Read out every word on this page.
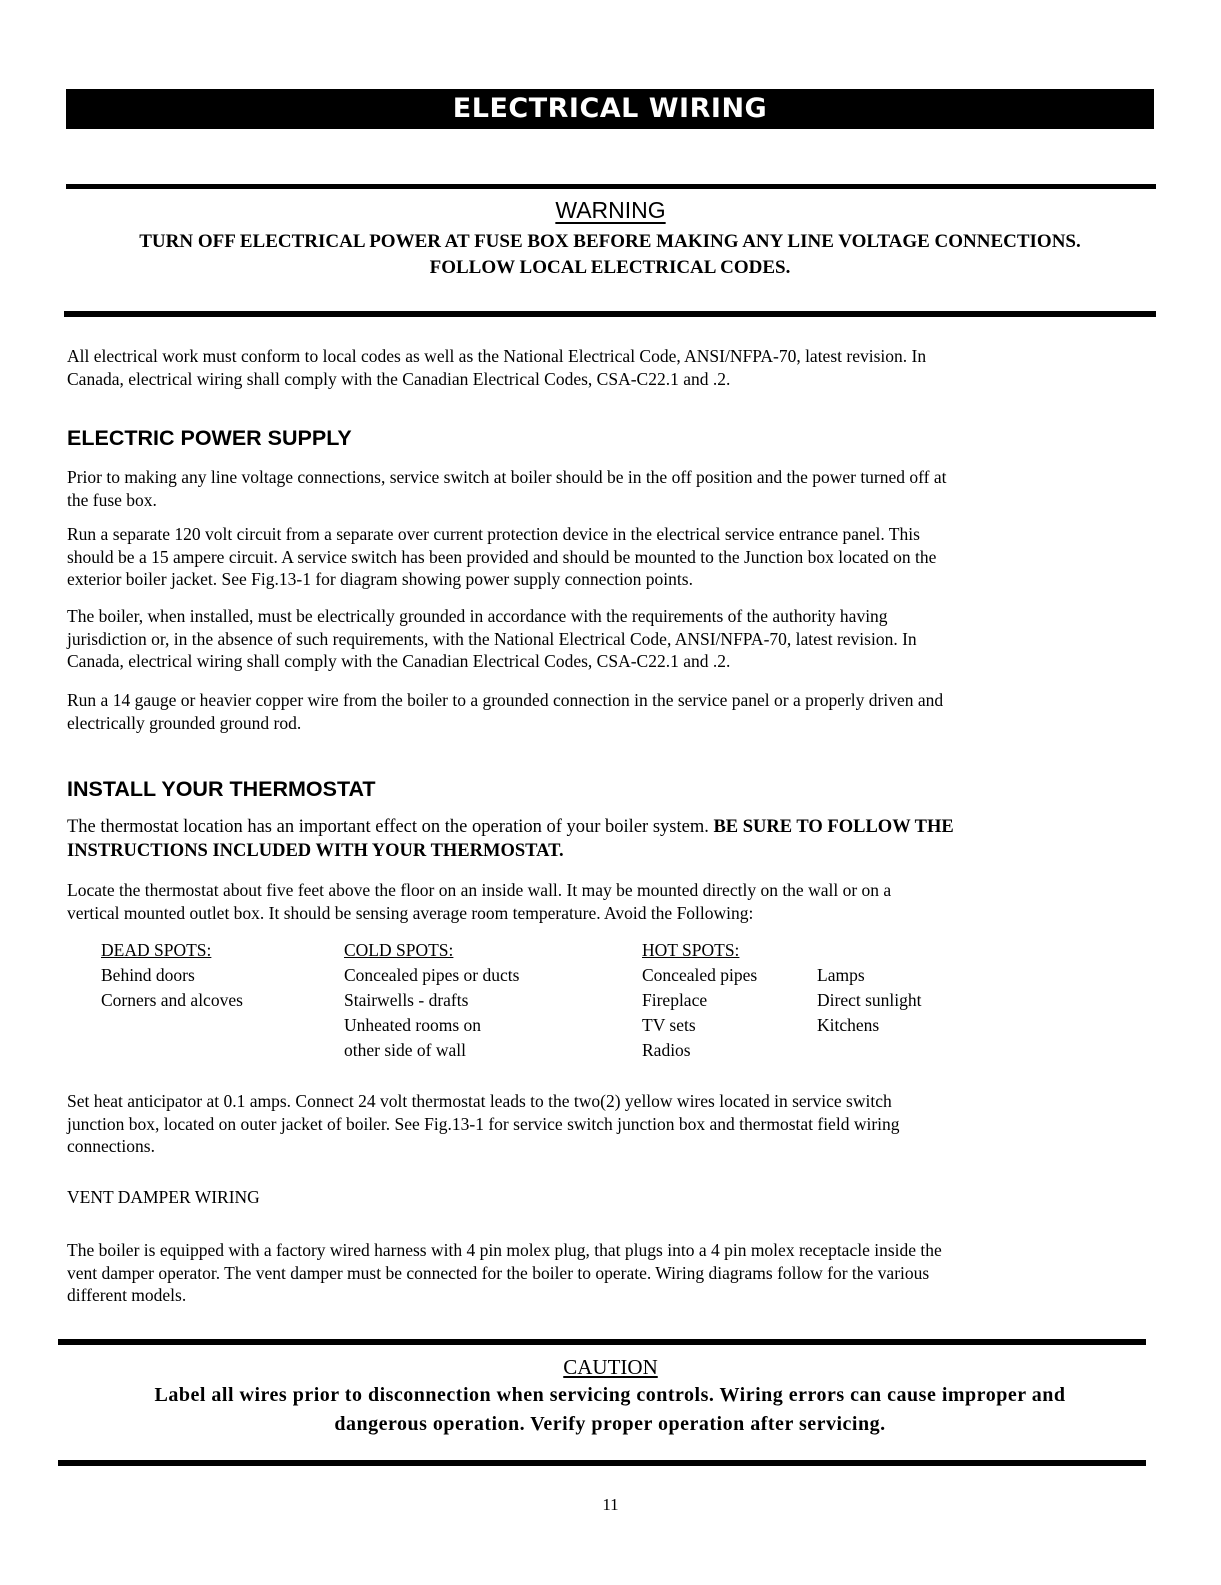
ELECTRICAL WIRING
WARNING
TURN OFF ELECTRICAL POWER AT FUSE BOX BEFORE MAKING ANY LINE VOLTAGE CONNECTIONS.
FOLLOW LOCAL ELECTRICAL CODES.
All electrical work must conform to local codes as well as the National Electrical Code, ANSI/NFPA-70, latest revision. In
Canada, electrical wiring shall comply with the Canadian Electrical Codes, CSA-C22.1 and .2.
ELECTRIC POWER SUPPLY
Prior to making any line voltage connections, service switch at boiler should be in the off position and the power turned off at
the fuse box.
Run a separate 120 volt circuit from a separate over current protection device in the electrical service entrance panel. This
should be a 15 ampere circuit. A service switch has been provided and should be mounted to the Junction box located on the
exterior boiler jacket. See Fig.13-1 for diagram showing power supply connection points.
The boiler, when installed, must be electrically grounded in accordance with the requirements of the authority having
jurisdiction or, in the absence of such requirements, with the National Electrical Code, ANSI/NFPA-70, latest revision. In
Canada, electrical wiring shall comply with the Canadian Electrical Codes, CSA-C22.1 and .2.
Run a 14 gauge or heavier copper wire from the boiler to a grounded connection in the service panel or a properly driven and
electrically grounded ground rod.
INSTALL YOUR THERMOSTAT
The thermostat location has an important effect on the operation of your boiler system. BE SURE TO FOLLOW THE
INSTRUCTIONS INCLUDED WITH YOUR THERMOSTAT.
Locate the thermostat about five feet above the floor on an inside wall. It may be mounted directly on the wall or on a
vertical mounted outlet box. It should be sensing average room temperature. Avoid the Following:
DEAD SPOTS:
Behind doors
Corners and alcoves
COLD SPOTS:
Concealed pipes or ducts
Stairwells - drafts
Unheated rooms on
other side of wall
HOT SPOTS:
Concealed pipes
Fireplace
TV sets
Radios
Lamps
Direct sunlight
Kitchens
Set heat anticipator at 0.1 amps. Connect 24 volt thermostat leads to the two(2) yellow wires located in service switch
junction box, located on outer jacket of boiler. See Fig.13-1 for service switch junction box and thermostat field wiring
connections.
VENT DAMPER WIRING
The boiler is equipped with a factory wired harness with 4 pin molex plug, that plugs into a 4 pin molex receptacle inside the
vent damper operator. The vent damper must be connected for the boiler to operate. Wiring diagrams follow for the various
different models.
CAUTION
Label all wires prior to disconnection when servicing controls. Wiring errors can cause improper and
dangerous operation. Verify proper operation after servicing.
11
